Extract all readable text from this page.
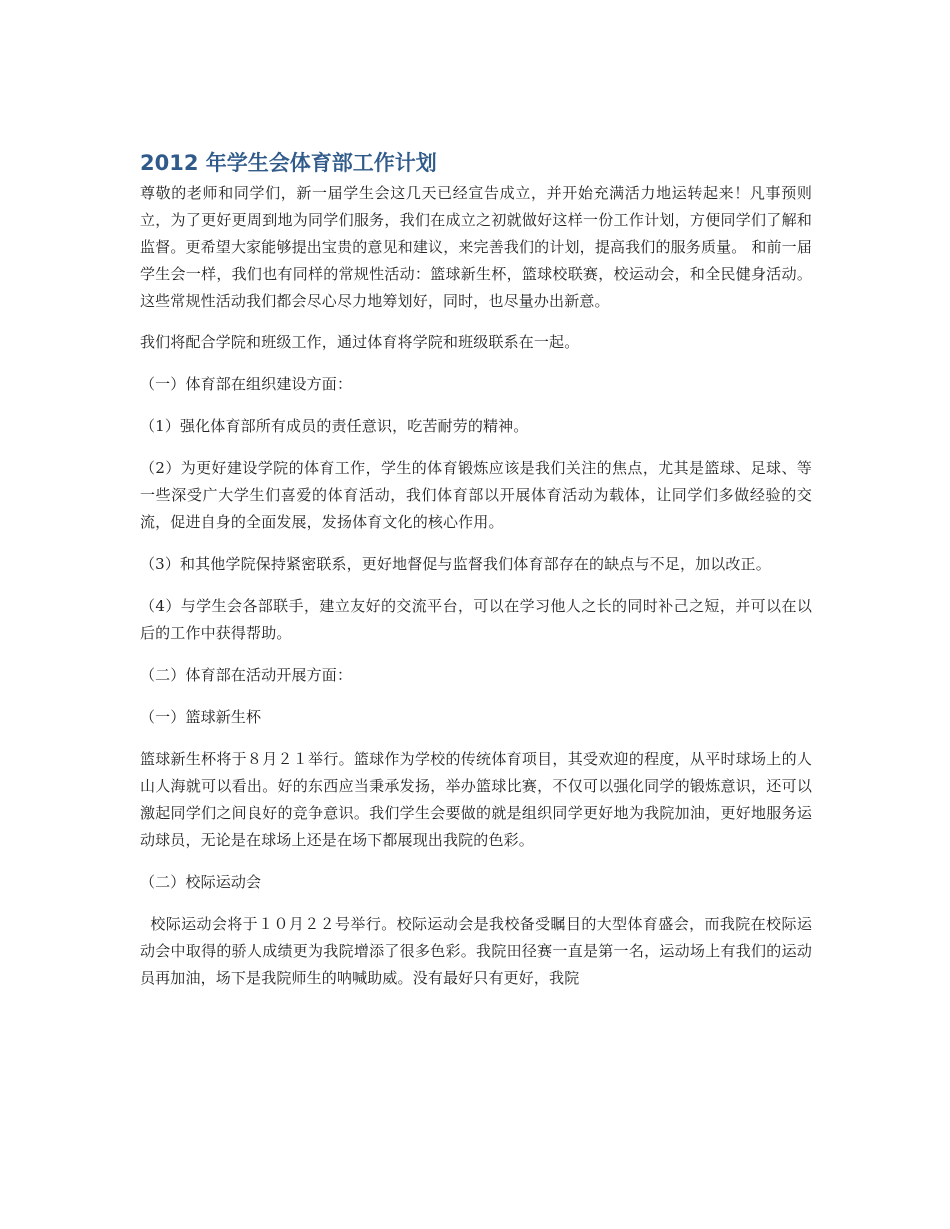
2012 年学生会体育部工作计划

尊敬的老师和同学们，新一届学生会这几天已经宣告成立，并开始充满活力地运转起来！凡事预则立，为了更好更周到地为同学们服务，我们在成立之初就做好这样一份工作计划，方便同学们了解和监督。更希望大家能够提出宝贵的意见和建议，来完善我们的计划，提高我们的服务质量。 和前一届学生会一样，我们也有同样的常规性活动：篮球新生杯，篮球校联赛，校运动会，和全民健身活动。这些常规性活动我们都会尽心尽力地筹划好，同时，也尽量办出新意。

我们将配合学院和班级工作，通过体育将学院和班级联系在一起。

（一）体育部在组织建设方面：

（1）强化体育部所有成员的责任意识，吃苦耐劳的精神。

（2）为更好建设学院的体育工作，学生的体育锻炼应该是我们关注的焦点，尤其是篮球、足球、等一些深受广大学生们喜爱的体育活动，我们体育部以开展体育活动为载体，让同学们多做经验的交流，促进自身的全面发展，发扬体育文化的核心作用。

（3）和其他学院保持紧密联系，更好地督促与监督我们体育部存在的缺点与不足，加以改正。

（4）与学生会各部联手，建立友好的交流平台，可以在学习他人之长的同时补己之短，并可以在以后的工作中获得帮助。

（二）体育部在活动开展方面：

（一）篮球新生杯

篮球新生杯将于８月２１举行。篮球作为学校的传统体育项目，其受欢迎的程度，从平时球场上的人山人海就可以看出。好的东西应当秉承发扬，举办篮球比赛，不仅可以强化同学的锻炼意识，还可以激起同学们之间良好的竞争意识。我们学生会要做的就是组织同学更好地为我院加油，更好地服务运动球员，无论是在球场上还是在场下都展现出我院的色彩。

（二）校际运动会

校际运动会将于１０月２２号举行。校际运动会是我校备受瞩目的大型体育盛会，而我院在校际运动会中取得的骄人成绩更为我院增添了很多色彩。我院田径赛一直是第一名，运动场上有我们的运动员再加油，场下是我院师生的呐喊助威。没有最好只有更好，我院
